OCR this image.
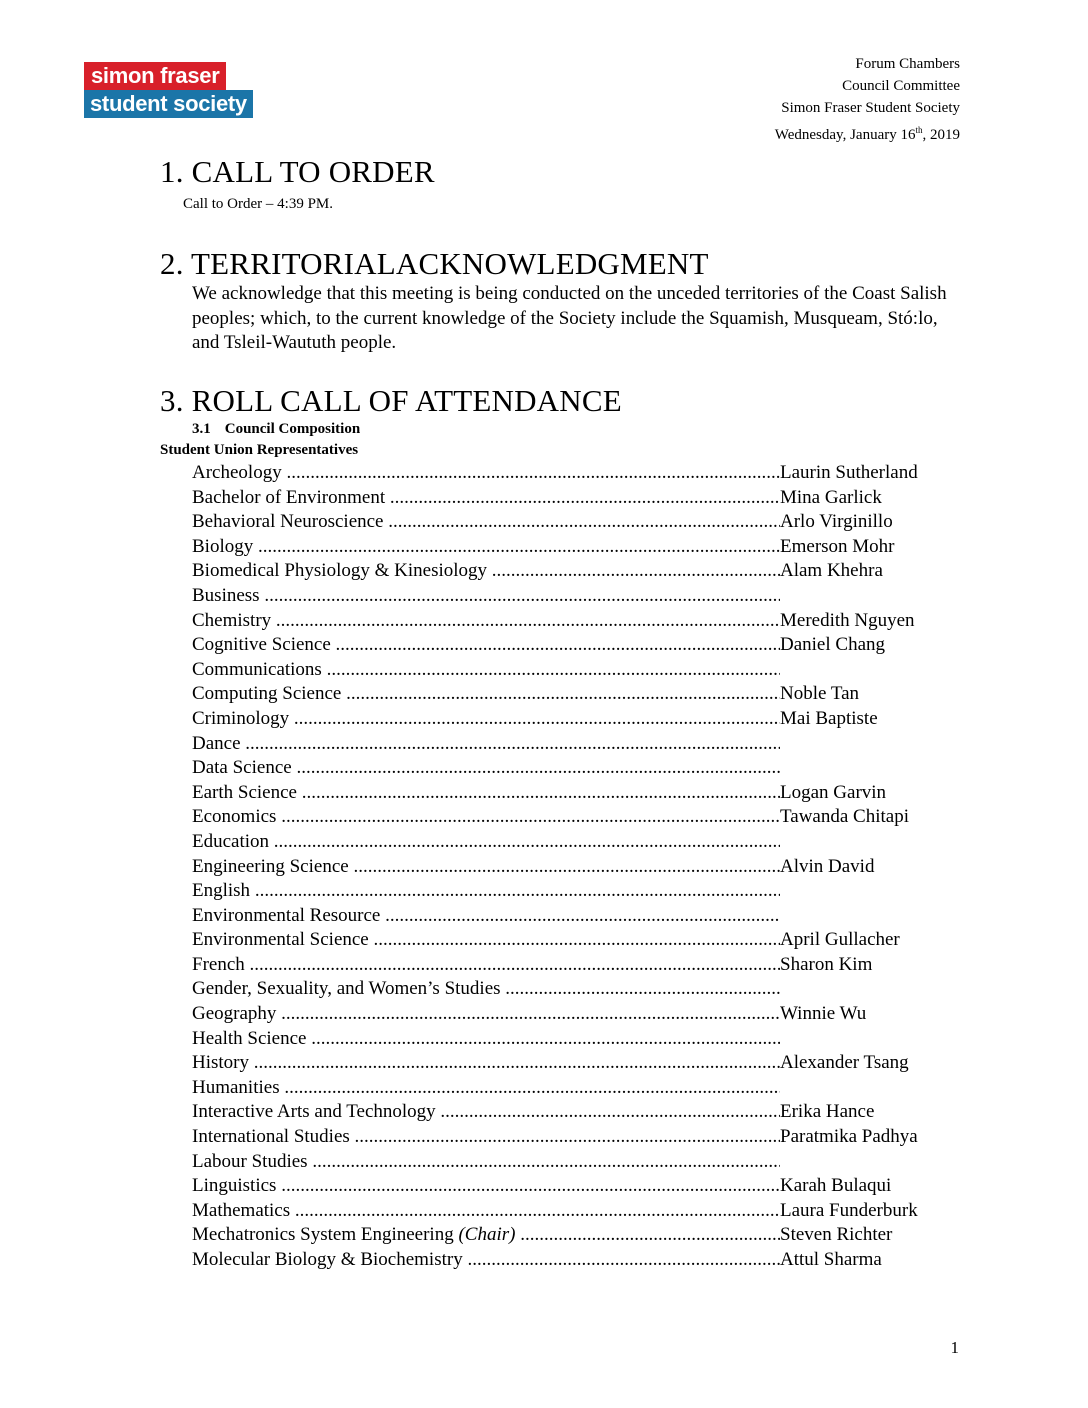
simon fraser
student society
Forum Chambers
Council Committee
Simon Fraser Student Society
Wednesday, January 16th, 2019
1. CALL TO ORDER
Call to Order – 4:39 PM.
2. TERRITORIALACKNOWLEDGMENT
We acknowledge that this meeting is being conducted on the unceded territories of the Coast Salish peoples; which, to the current knowledge of the Society include the Squamish, Musqueam, Stó:lo, and Tsleil-Waututh people.
3. ROLL CALL OF ATTENDANCE
3.1 Council Composition
Student Union Representatives
Archeology .....	Laurin Sutherland
Bachelor of Environment .....	Mina Garlick
Behavioral Neuroscience .....	Arlo Virginillo
Biology .....	Emerson Mohr
Biomedical Physiology & Kinesiology .....	Alam Khehra
Business .....
Chemistry .....	Meredith Nguyen
Cognitive Science .....	Daniel Chang
Communications .....
Computing Science .....	Noble Tan
Criminology .....	Mai Baptiste
Dance .....
Data Science .....
Earth Science .....	Logan Garvin
Economics .....	Tawanda Chitapi
Education .....
Engineering Science .....	Alvin David
English .....
Environmental Resource .....
Environmental Science .....	April Gullacher
French .....	Sharon Kim
Gender, Sexuality, and Women’s Studies .....
Geography .....	Winnie Wu
Health Science .....
History .....	Alexander Tsang
Humanities .....
Interactive Arts and Technology .....	Erika Hance
International Studies .....	Paratmika Padhya
Labour Studies .....
Linguistics .....	Karah Bulaqui
Mathematics .....	Laura Funderburk
Mechatronics System Engineering (Chair) .....	Steven Richter
Molecular Biology & Biochemistry .....	Attul Sharma
1
